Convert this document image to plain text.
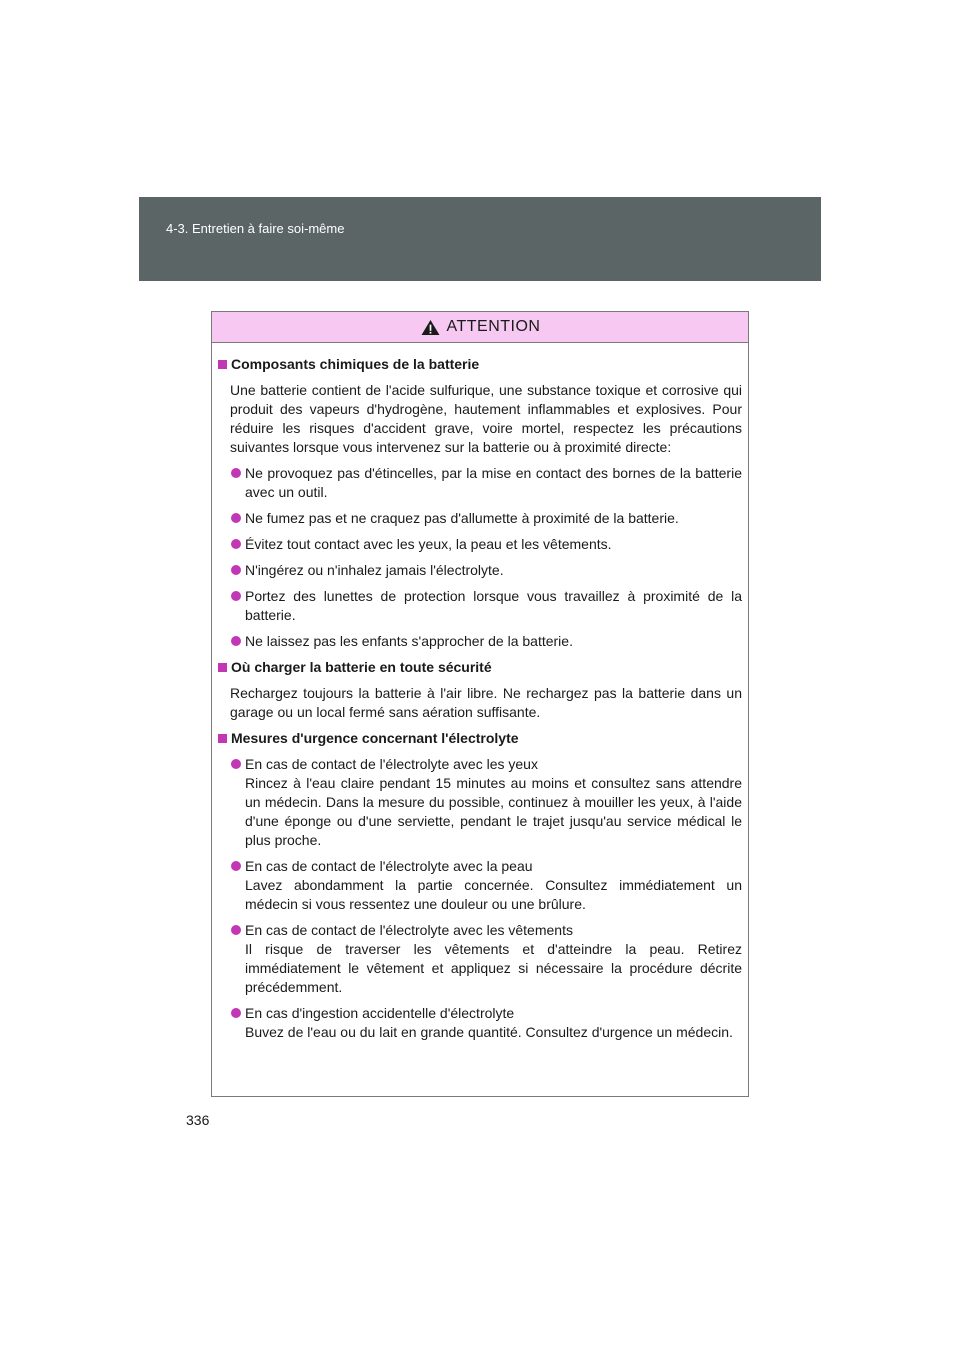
4-3. Entretien à faire soi-même
ATTENTION
Composants chimiques de la batterie
Une batterie contient de l'acide sulfurique, une substance toxique et corrosive qui produit des vapeurs d'hydrogène, hautement inflammables et explosives. Pour réduire les risques d'accident grave, voire mortel, respectez les précautions suivantes lorsque vous intervenez sur la batterie ou à proximité directe:
Ne provoquez pas d'étincelles, par la mise en contact des bornes de la batterie avec un outil.
Ne fumez pas et ne craquez pas d'allumette à proximité de la batterie.
Évitez tout contact avec les yeux, la peau et les vêtements.
N'ingérez ou n'inhalez jamais l'électrolyte.
Portez des lunettes de protection lorsque vous travaillez à proximité de la batterie.
Ne laissez pas les enfants s'approcher de la batterie.
Où charger la batterie en toute sécurité
Rechargez toujours la batterie à l'air libre. Ne rechargez pas la batterie dans un garage ou un local fermé sans aération suffisante.
Mesures d'urgence concernant l'électrolyte
En cas de contact de l'électrolyte avec les yeux
Rincez à l'eau claire pendant 15 minutes au moins et consultez sans attendre un médecin. Dans la mesure du possible, continuez à mouiller les yeux, à l'aide d'une éponge ou d'une serviette, pendant le trajet jusqu'au service médical le plus proche.
En cas de contact de l'électrolyte avec la peau
Lavez abondamment la partie concernée. Consultez immédiatement un médecin si vous ressentez une douleur ou une brûlure.
En cas de contact de l'électrolyte avec les vêtements
Il risque de traverser les vêtements et d'atteindre la peau. Retirez immédiatement le vêtement et appliquez si nécessaire la procédure décrite précédemment.
En cas d'ingestion accidentelle d'électrolyte
Buvez de l'eau ou du lait en grande quantité. Consultez d'urgence un médecin.
336
